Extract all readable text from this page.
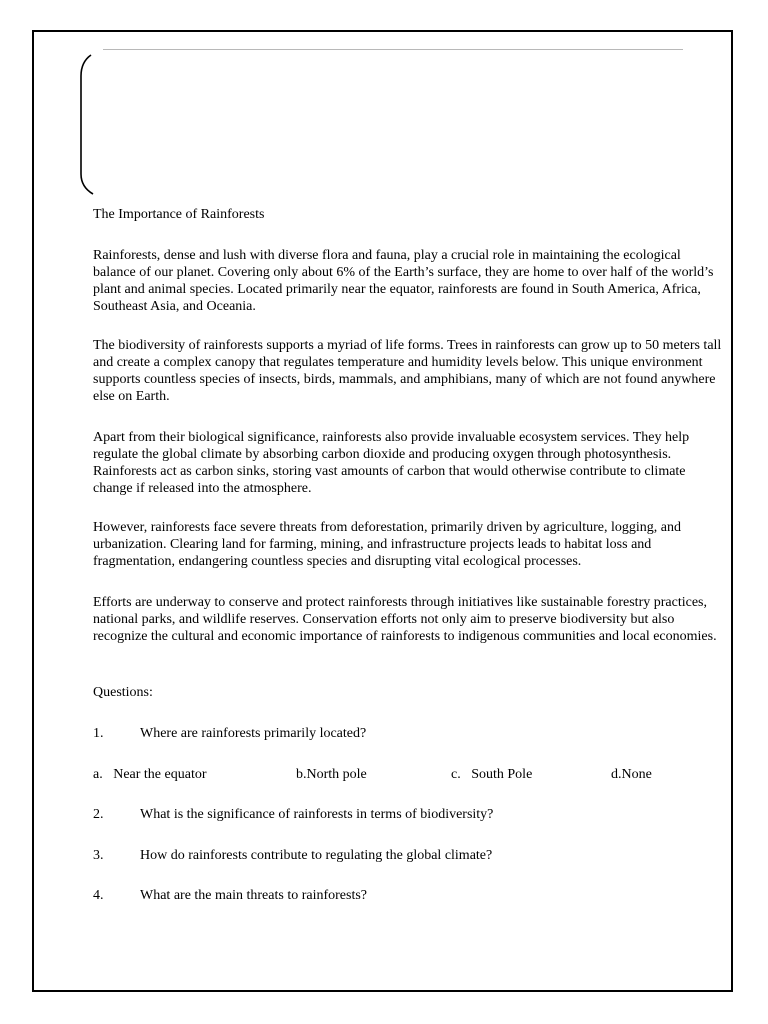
The Importance of Rainforests

Rainforests, dense and lush with diverse flora and fauna, play a crucial role in maintaining the ecological balance of our planet. Covering only about 6% of the Earth’s surface, they are home to over half of the world’s plant and animal species. Located primarily near the equator, rainforests are found in South America, Africa, Southeast Asia, and Oceania.

The biodiversity of rainforests supports a myriad of life forms. Trees in rainforests can grow up to 50 meters tall and create a complex canopy that regulates temperature and humidity levels below. This unique environment supports countless species of insects, birds, mammals, and amphibians, many of which are not found anywhere else on Earth.

Apart from their biological significance, rainforests also provide invaluable ecosystem services. They help regulate the global climate by absorbing carbon dioxide and producing oxygen through photosynthesis. Rainforests act as carbon sinks, storing vast amounts of carbon that would otherwise contribute to climate change if released into the atmosphere.

However, rainforests face severe threats from deforestation, primarily driven by agriculture, logging, and urbanization. Clearing land for farming, mining, and infrastructure projects leads to habitat loss and fragmentation, endangering countless species and disrupting vital ecological processes.

Efforts are underway to conserve and protect rainforests through initiatives like sustainable forestry practices, national parks, and wildlife reserves. Conservation efforts not only aim to preserve biodiversity but also recognize the cultural and economic importance of rainforests to indigenous communities and local economies.

Questions:

1.	Where are rainforests primarily located?
a.   Near the equator	b.North pole	c.   South Pole	d.None
2.	What is the significance of rainforests in terms of biodiversity?
3.	How do rainforests contribute to regulating the global climate?
4.	What are the main threats to rainforests?
